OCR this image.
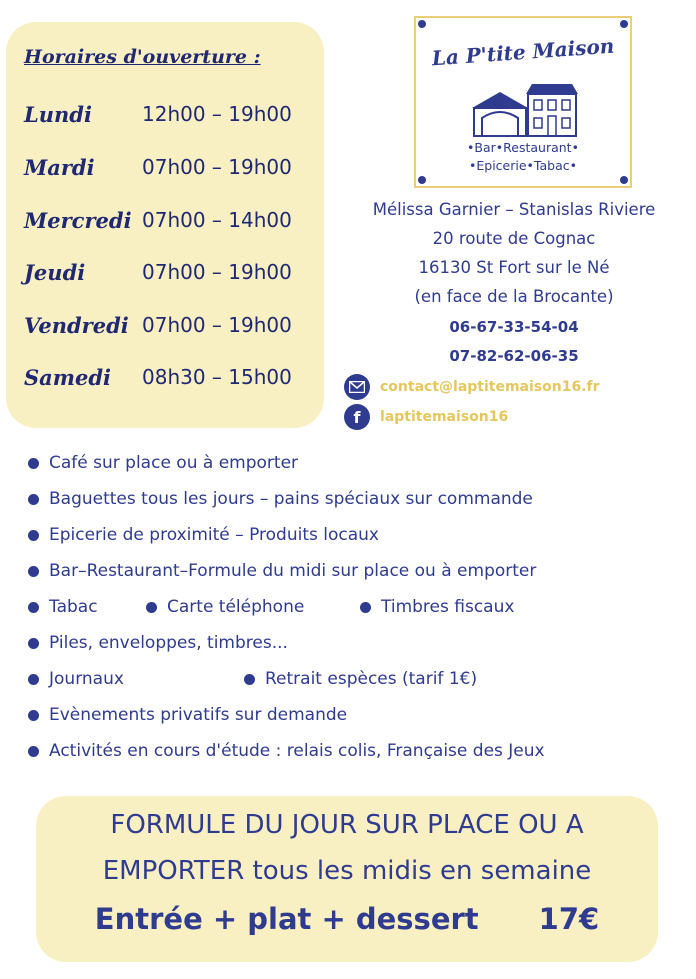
Horaires d'ouverture :
Lundi	12h00 – 19h00
Mardi	07h00 – 19h00
Mercredi 07h00 – 14h00
Jeudi	07h00 – 19h00
Vendredi 07h00 – 19h00
Samedi	08h30 – 15h00
La P'tite Maison
•Bar•Restaurant•
•Epicerie•Tabac•
Mélissa Garnier – Stanislas Riviere
20 route de Cognac
16130 St Fort sur le Né
(en face de la Brocante)
06-67-33-54-04
07-82-62-06-35
contact@laptitemaison16.fr
f	laptitemaison16
Café sur place ou à emporter
Baguettes tous les jours – pains spéciaux sur commande
Epicerie de proximité – Produits locaux
Bar–Restaurant–Formule du midi sur place ou à emporter
Tabac	Carte téléphone	Timbres fiscaux
Piles, enveloppes, timbres...
Journaux	Retrait espèces (tarif 1€)
Evènements privatifs sur demande
Activités en cours d'étude : relais colis, Française des Jeux
FORMULE DU JOUR SUR PLACE OU A
EMPORTER tous les midis en semaine
Entrée + plat + dessert 17€
